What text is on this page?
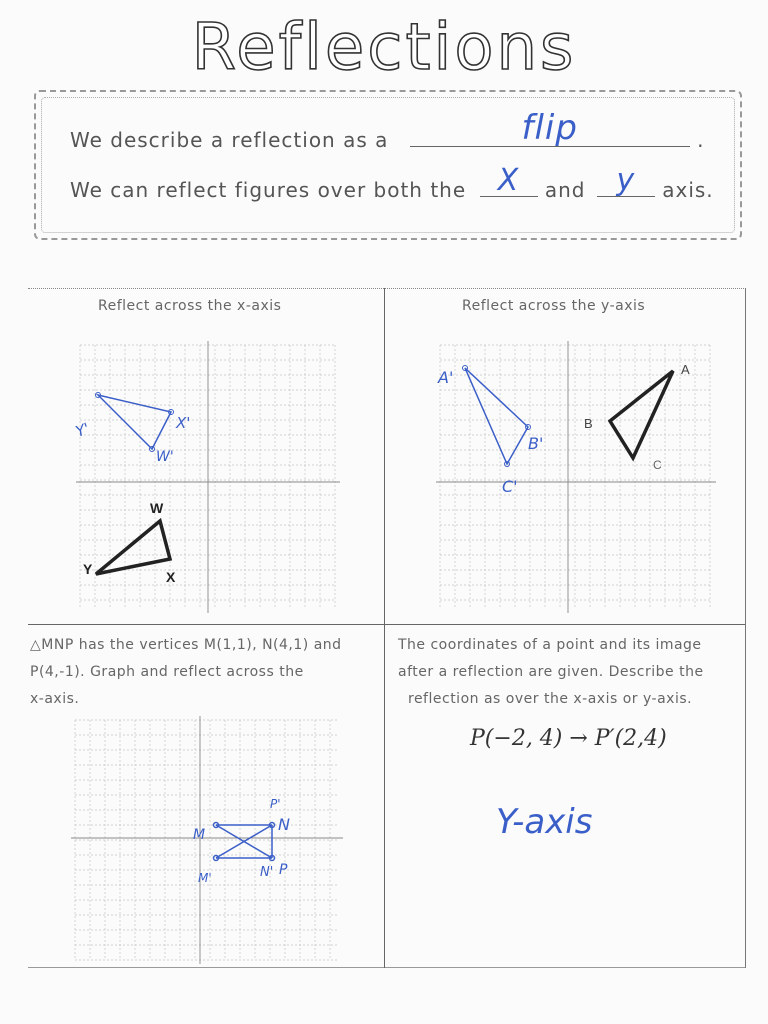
Reflections
We describe a reflection as a	flip	.
We can reflect figures over both the	X	and	y	axis.
Reflect across the x-axis	Reflect across the y-axis
△MNP has the vertices M(1,1), N(4,1) and
P(4,-1). Graph and reflect across the
x-axis.
The coordinates of a point and its image
after a reflection are given. Describe the
reflection as over the x-axis or y-axis.
P(−2, 4) → P′(2,4)
Y-axis
W
X
Y
Y'	X'
W'
A
B
C
A'
B'
C'
M
M'
P'
N
N' P
